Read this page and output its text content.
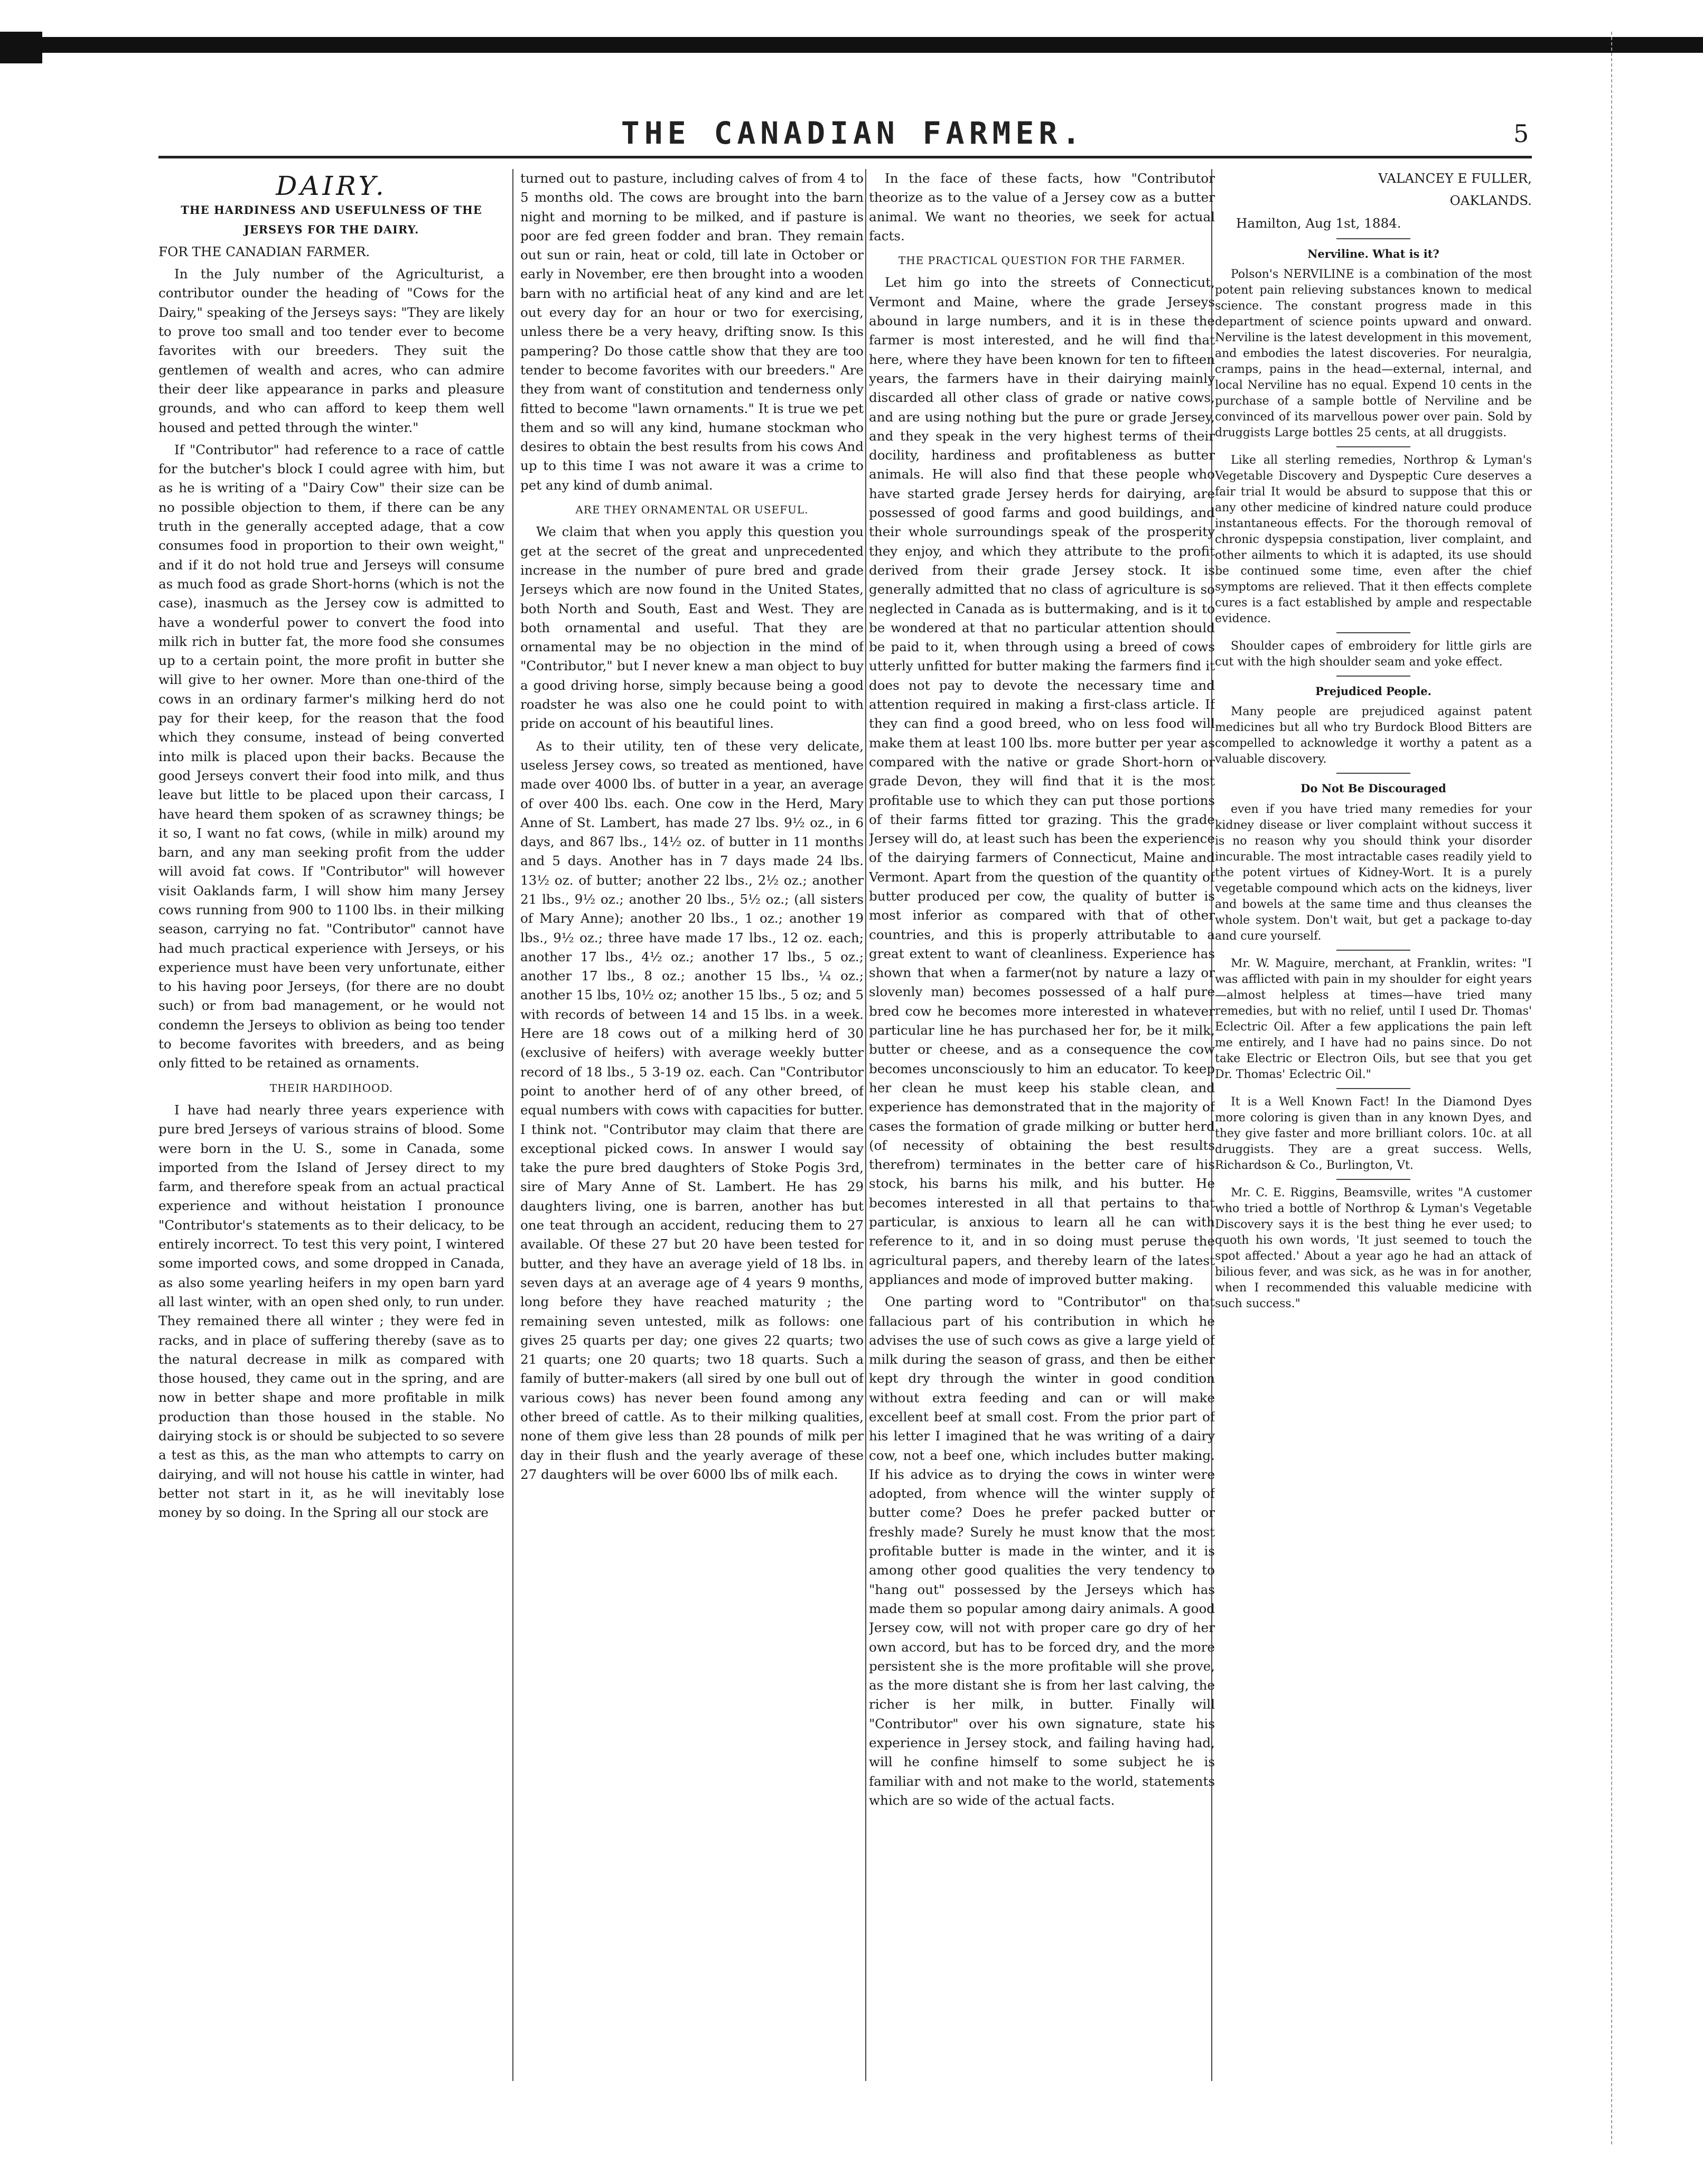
THE CANADIAN FARMER.	5
DAIRY.
THE HARDINESS AND USEFULNESS OF THE JERSEYS FOR THE DAIRY.

FOR THE CANADIAN FARMER.

In the July number of the Agriculturist, a contributor ounder the heading of "Cows for the Dairy," speaking of the Jerseys says: "They are likely to prove too small and too tender ever to become favorites with our breeders. They suit the gentlemen of wealth and acres, who can admire their deer like appearance in parks and pleasure grounds, and who can afford to keep them well housed and petted through the winter."

If "Contributor" had reference to a race of cattle for the butcher's block I could agree with him, but as he is writing of a "Dairy Cow" their size can be no possible objection to them, if there can be any truth in the generally accepted adage, that a cow consumes food in proportion to their own weight," and if it do not hold true and Jerseys will consume as much food as grade Short-horns (which is not the case), inasmuch as the Jersey cow is admitted to have a wonderful power to convert the food into milk rich in butter fat, the more food she consumes up to a certain point, the more profit in butter she will give to her owner. More than one-third of the cows in an ordinary farmer's milking herd do not pay for their keep, for the reason that the food which they consume, instead of being converted into milk is placed upon their backs. Because the good Jerseys convert their food into milk, and thus leave but little to be placed upon their carcass, I have heard them spoken of as scrawney things; be it so, I want no fat cows, (while in milk) around my barn, and any man seeking profit from the udder will avoid fat cows. If "Contributor" will however visit Oaklands farm, I will show him many Jersey cows running from 900 to 1100 lbs. in their milking season, carrying no fat. "Contributor" cannot have had much practical experience with Jerseys, or his experience must have been very unfortunate, either to his having poor Jerseys, (for there are no doubt such) or from bad management, or he would not condemn the Jerseys to oblivion as being too tender to become favorites with breeders, and as being only fitted to be retained as ornaments.

THEIR HARDIHOOD.

I have had nearly three years experience with pure bred Jerseys of various strains of blood. Some were born in the U. S., some in Canada, some imported from the Island of Jersey direct to my farm, and therefore speak from an actual practical experience and without heistation I pronounce "Contributor's statements as to their delicacy, to be entirely incorrect. To test this very point, I wintered some imported cows, and some dropped in Canada, as also some yearling heifers in my open barn yard all last winter, with an open shed only, to run under. They remained there all winter ; they were fed in racks, and in place of suffering thereby (save as to the natural decrease in milk as compared with those housed, they came out in the spring, and are now in better shape and more profitable in milk production than those housed in the stable. No dairying stock is or should be subjected to so severe a test as this, as the man who attempts to carry on dairying, and will not house his cattle in winter, had better not start in it, as he will inevitably lose money by so doing. In the Spring all our stock are

turned out to pasture, including calves of from 4 to 5 months old. The cows are brought into the barn night and morning to be milked, and if pasture is poor are fed green fodder and bran. They remain out sun or rain, heat or cold, till late in October or early in November, ere then brought into a wooden barn with no artificial heat of any kind and are let out every day for an hour or two for exercising, unless there be a very heavy, drifting snow. Is this pampering? Do those cattle show that they are too tender to become favorites with our breeders." Are they from want of constitution and tenderness only fitted to become "lawn ornaments." It is true we pet them and so will any kind, humane stockman who desires to obtain the best results from his cows And up to this time I was not aware it was a crime to pet any kind of dumb animal.

ARE THEY ORNAMENTAL OR USEFUL.

We claim that when you apply this question you get at the secret of the great and unprecedented increase in the number of pure bred and grade Jerseys which are now found in the United States, both North and South, East and West. They are both ornamental and useful. That they are ornamental may be no objection in the mind of "Contributor," but I never knew a man object to buy a good driving horse, simply because being a good roadster he was also one he could point to with pride on account of his beautiful lines.

As to their utility, ten of these very delicate, useless Jersey cows, so treated as mentioned, have made over 4000 lbs. of butter in a year, an average of over 400 lbs. each. One cow in the Herd, Mary Anne of St. Lambert, has made 27 lbs. 9½ oz., in 6 days, and 867 lbs., 14½ oz. of butter in 11 months and 5 days. Another has in 7 days made 24 lbs. 13½ oz. of butter; another 22 lbs., 2½ oz.; another 21 lbs., 9½ oz.; another 20 lbs., 5½ oz.; (all sisters of Mary Anne); another 20 lbs., 1 oz.; another 19 lbs., 9½ oz.; three have made 17 lbs., 12 oz. each; another 17 lbs., 4½ oz.; another 17 lbs., 5 oz.; another 17 lbs., 8 oz.; another 15 lbs., ¼ oz.; another 15 lbs, 10½ oz; another 15 lbs., 5 oz; and 5 with records of between 14 and 15 lbs. in a week. Here are 18 cows out of a milking herd of 30 (exclusive of heifers) with average weekly butter record of 18 lbs., 5 3-19 oz. each. Can "Contributor point to another herd of of any other breed, of equal numbers with cows with capacities for butter. I think not. "Contributor may claim that there are exceptional picked cows. In answer I would say take the pure bred daughters of Stoke Pogis 3rd, sire of Mary Anne of St. Lambert. He has 29 daughters living, one is barren, another has but one teat through an accident, reducing them to 27 available. Of these 27 but 20 have been tested for butter, and they have an average yield of 18 lbs. in seven days at an average age of 4 years 9 months, long before they have reached maturity ; the remaining seven untested, milk as follows: one gives 25 quarts per day; one gives 22 quarts; two 21 quarts; one 20 quarts; two 18 quarts. Such a family of butter-makers (all sired by one bull out of various cows) has never been found among any other breed of cattle. As to their milking qualities, none of them give less than 28 pounds of milk per day in their flush and the yearly average of these 27 daughters will be over 6000 lbs of milk each.

In the face of these facts, how "Contributor theorize as to the value of a Jersey cow as a butter animal. We want no theories, we seek for actual facts.

THE PRACTICAL QUESTION FOR THE FARMER.

Let him go into the streets of Connecticut, Vermont and Maine, where the grade Jerseys abound in large numbers, and it is in these the farmer is most interested, and he will find that here, where they have been known for ten to fifteen years, the farmers have in their dairying mainly discarded all other class of grade or native cows, and are using nothing but the pure or grade Jersey, and they speak in the very highest terms of their docility, hardiness and profitableness as butter animals. He will also find that these people who have started grade Jersey herds for dairying, are possessed of good farms and good buildings, and their whole surroundings speak of the prosperity they enjoy, and which they attribute to the profit derived from their grade Jersey stock. It is generally admitted that no class of agriculture is so neglected in Canada as is buttermaking, and is it to be wondered at that no particular attention should be paid to it, when through using a breed of cows utterly unfitted for butter making the farmers find it does not pay to devote the necessary time and attention required in making a first-class article. If they can find a good breed, who on less food will make them at least 100 lbs. more butter per year as compared with the native or grade Short-horn or grade Devon, they will find that it is the most profitable use to which they can put those portions of their farms fitted tor grazing. This the grade Jersey will do, at least such has been the experience of the dairying farmers of Connecticut, Maine and Vermont. Apart from the question of the quantity of butter produced per cow, the quality of butter is most inferior as compared with that of other countries, and this is properly attributable to a great extent to want of cleanliness. Experience has shown that when a farmer(not by nature a lazy or slovenly man) becomes possessed of a half pure bred cow he becomes more interested in whatever particular line he has purchased her for, be it milk, butter or cheese, and as a consequence the cow becomes unconsciously to him an educator. To keep her clean he must keep his stable clean, and experience has demonstrated that in the majority of cases the formation of grade milking or butter herd (of necessity of obtaining the best results therefrom) terminates in the better care of his stock, his barns his milk, and his butter. He becomes interested in all that pertains to that particular, is anxious to learn all he can with reference to it, and in so doing must peruse the agricultural papers, and thereby learn of the latest appliances and mode of improved butter making.

One parting word to "Contributor" on that fallacious part of his contribution in which he advises the use of such cows as give a large yield of milk during the season of grass, and then be either kept dry through the winter in good condition without extra feeding and can or will make excellent beef at small cost. From the prior part of his letter I imagined that he was writing of a dairy cow, not a beef one, which includes butter making. If his advice as to drying the cows in winter were adopted, from whence will the winter supply of butter come? Does he prefer packed butter or freshly made? Surely he must know that the most profitable butter is made in the winter, and it is among other good qualities the very tendency to "hang out" possessed by the Jerseys which has made them so popular among dairy animals. A good Jersey cow, will not with proper care go dry of her own accord, but has to be forced dry, and the more persistent she is the more profitable will she prove, as the more distant she is from her last calving, the richer is her milk, in butter. Finally will "Contributor" over his own signature, state his experience in Jersey stock, and failing having had, will he confine himself to some subject he is familiar with and not make to the world, statements which are so wide of the actual facts.

VALANCEY E FULLER,

OAKLANDS.

Hamilton, Aug 1st, 1884.

Nerviline. What is it?

Polson's NERVILINE is a combination of the most potent pain relieving substances known to medical science. The constant progress made in this department of science points upward and onward. Nerviline is the latest development in this movement, and embodies the latest discoveries. For neuralgia, cramps, pains in the head—external, internal, and local Nerviline has no equal. Expend 10 cents in the purchase of a sample bottle of Nerviline and be convinced of its marvellous power over pain. Sold by druggists Large bottles 25 cents, at all druggists.

Like all sterling remedies, Northrop & Lyman's Vegetable Discovery and Dyspeptic Cure deserves a fair trial It would be absurd to suppose that this or any other medicine of kindred nature could produce instantaneous effects. For the thorough removal of chronic dyspepsia constipation, liver complaint, and other ailments to which it is adapted, its use should be continued some time, even after the chief symptoms are relieved. That it then effects complete cures is a fact established by ample and respectable evidence.

Shoulder capes of embroidery for little girls are cut with the high shoulder seam and yoke effect.

Prejudiced People.

Many people are prejudiced against patent medicines but all who try Burdock Blood Bitters are compelled to acknowledge it worthy a patent as a valuable discovery.

Do Not Be Discouraged

even if you have tried many remedies for your kidney disease or liver complaint without success it is no reason why you should think your disorder incurable. The most intractable cases readily yield to the potent virtues of Kidney-Wort. It is a purely vegetable compound which acts on the kidneys, liver and bowels at the same time and thus cleanses the whole system. Don't wait, but get a package to-day and cure yourself.

Mr. W. Maguire, merchant, at Franklin, writes: "I was afflicted with pain in my shoulder for eight years—almost helpless at times—have tried many remedies, but with no relief, until I used Dr. Thomas' Eclectric Oil. After a few applications the pain left me entirely, and I have had no pains since. Do not take Electric or Electron Oils, but see that you get Dr. Thomas' Eclectric Oil."

It is a Well Known Fact! In the Diamond Dyes more coloring is given than in any known Dyes, and they give faster and more brilliant colors. 10c. at all druggists. They are a great success. Wells, Richardson & Co., Burlington, Vt.

Mr. C. E. Riggins, Beamsville, writes "A customer who tried a bottle of Northrop & Lyman's Vegetable Discovery says it is the best thing he ever used; to quoth his own words, 'It just seemed to touch the spot affected.' About a year ago he had an attack of bilious fever, and was sick, as he was in for another, when I recommended this valuable medicine with such success."
